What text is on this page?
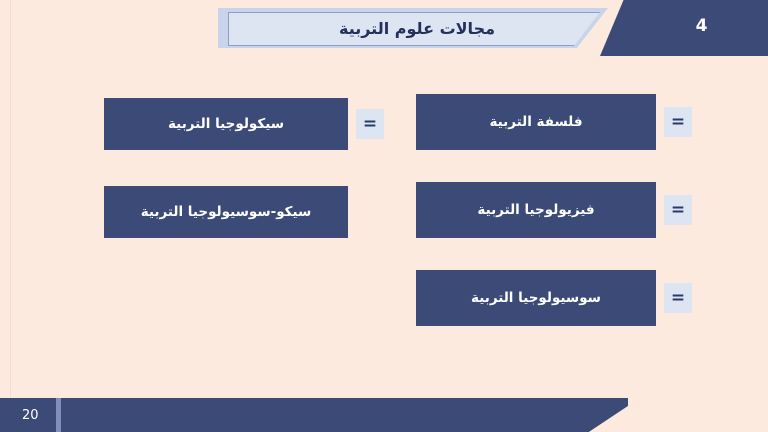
مجالات علوم التربية	4
فلسفة التربية	=
فيزيولوجيا التربية	=
سوسيولوجيا التربية	=
سيكولوجيا التربية	=
سيكو-سوسيولوجيا التربية
20
